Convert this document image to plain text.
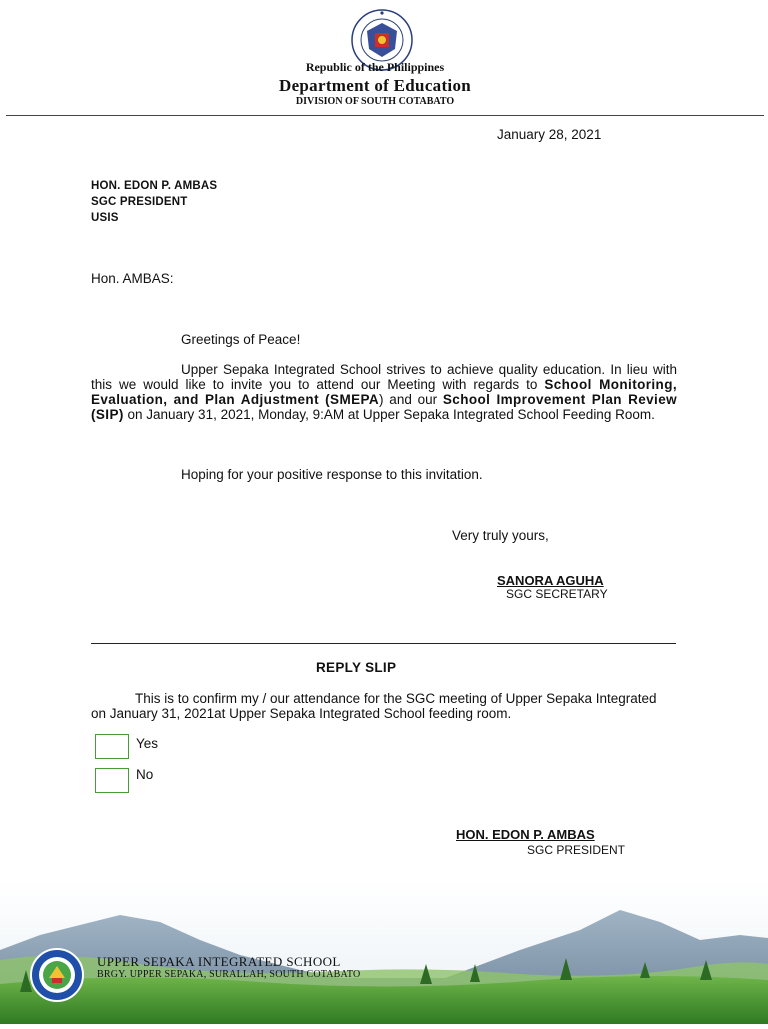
Republic of the Philippines
Department of Education
DIVISION OF SOUTH COTABATO
January 28, 2021
HON. EDON P. AMBAS
SGC PRESIDENT
USIS
Hon. AMBAS:
Greetings of Peace!
Upper Sepaka Integrated School strives to achieve quality education. In lieu with this we would like to invite you to attend our Meeting with regards to School Monitoring, Evaluation, and Plan Adjustment (SMEPA) and our School Improvement Plan Review (SIP) on January 31, 2021, Monday, 9:AM at Upper Sepaka Integrated School Feeding Room.
Hoping for your positive response to this invitation.
Very truly yours,
SANORA AGUHA
SGC SECRETARY
REPLY SLIP
This is to confirm my / our attendance for the SGC meeting of Upper Sepaka Integrated on January 31, 2021at Upper Sepaka Integrated School feeding room.
Yes
No
HON. EDON P. AMBAS
SGC PRESIDENT
UPPER SEPAKA INTEGRATED SCHOOL
BRGY. UPPER SEPAKA, SURALLAH, SOUTH COTABATO
